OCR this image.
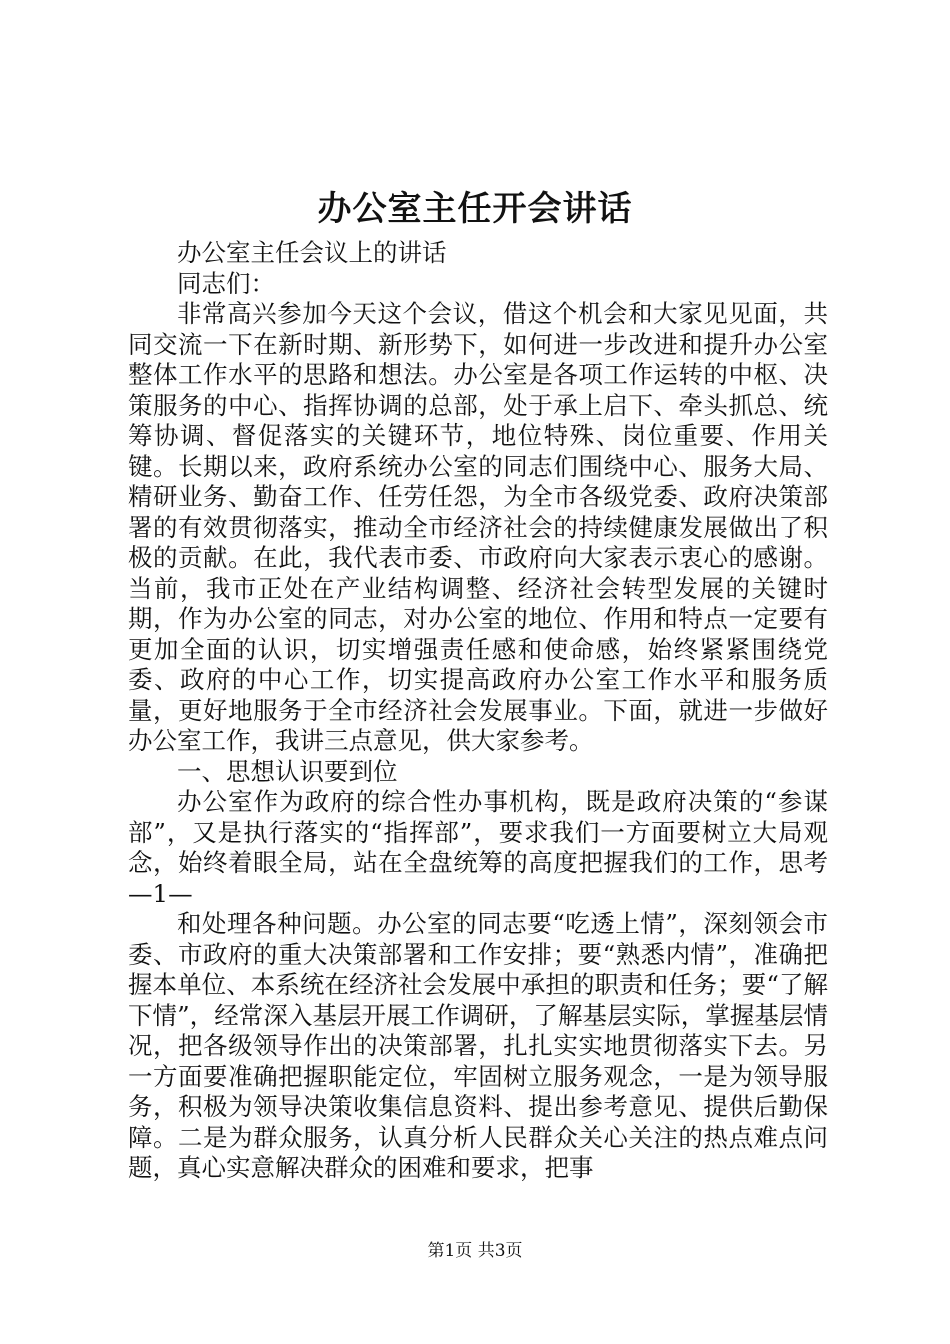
办公室主任开会讲话

办公室主任会议上的讲话

同志们：

非常高兴参加今天这个会议，借这个机会和大家见见面，共同交流一下在新时期、新形势下，如何进一步改进和提升办公室整体工作水平的思路和想法。办公室是各项工作运转的中枢、决策服务的中心、指挥协调的总部，处于承上启下、牵头抓总、统筹协调、督促落实的关键环节，地位特殊、岗位重要、作用关键。长期以来，政府系统办公室的同志们围绕中心、服务大局、精研业务、勤奋工作、任劳任怨，为全市各级党委、政府决策部署的有效贯彻落实，推动全市经济社会的持续健康发展做出了积极的贡献。在此，我代表市委、市政府向大家表示衷心的感谢。当前，我市正处在产业结构调整、经济社会转型发展的关键时期，作为办公室的同志，对办公室的地位、作用和特点一定要有更加全面的认识，切实增强责任感和使命感，始终紧紧围绕党委、政府的中心工作，切实提高政府办公室工作水平和服务质量，更好地服务于全市经济社会发展事业。下面，就进一步做好办公室工作，我讲三点意见，供大家参考。

一、思想认识要到位

办公室作为政府的综合性办事机构，既是政府决策的“参谋部”，又是执行落实的“指挥部”，要求我们一方面要树立大局观念，始终着眼全局，站在全盘统筹的高度把握我们的工作，思考—1—

和处理各种问题。办公室的同志要“吃透上情”，深刻领会市委、市政府的重大决策部署和工作安排；要“熟悉内情”，准确把握本单位、本系统在经济社会发展中承担的职责和任务；要“了解下情”，经常深入基层开展工作调研，了解基层实际，掌握基层情况，把各级领导作出的决策部署，扎扎实实地贯彻落实下去。另一方面要准确把握职能定位，牢固树立服务观念，一是为领导服务，积极为领导决策收集信息资料、提出参考意见、提供后勤保障。二是为群众服务，认真分析人民群众关心关注的热点难点问题，真心实意解决群众的困难和要求，把事

第1页 共3页
